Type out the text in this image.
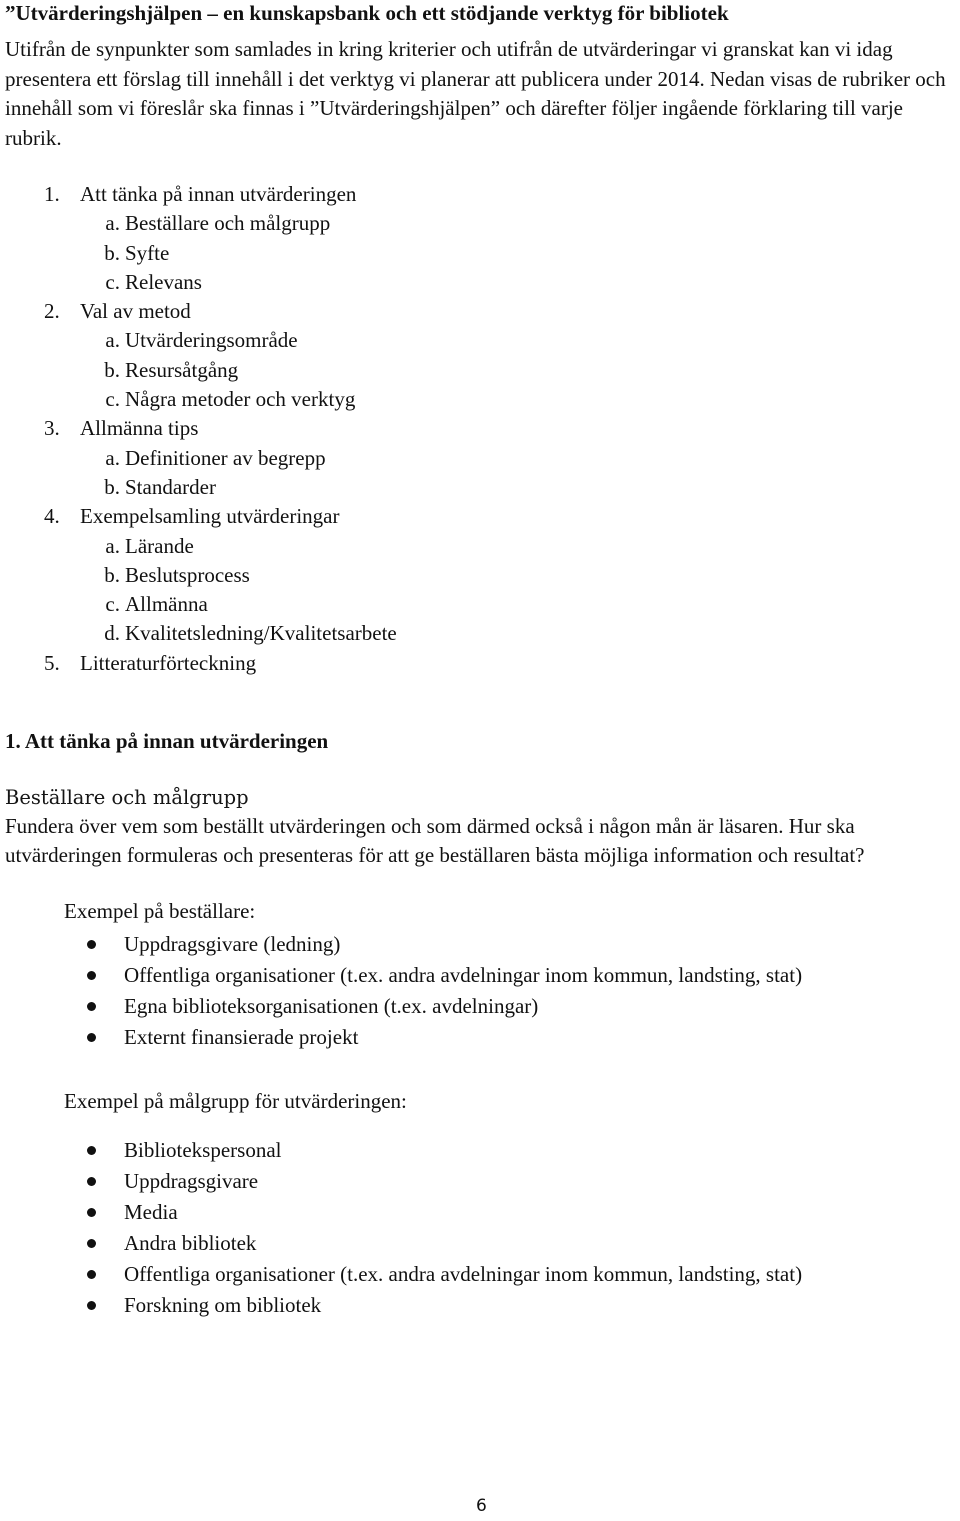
”Utvärderingshjälpen – en kunskapsbank och ett stödjande verktyg för bibliotek
Utifrån de synpunkter som samlades in kring kriterier och utifrån de utvärderingar vi granskat kan vi idag presentera ett förslag till innehåll i det verktyg vi planerar att publicera under 2014. Nedan visas de rubriker och innehåll som vi föreslår ska finnas i ”Utvärderingshjälpen” och därefter följer ingående förklaring till varje rubrik.
1. Att tänka på innan utvärderingen
a. Beställare och målgrupp
b. Syfte
c. Relevans
2. Val av metod
a. Utvärderingsområde
b. Resursåtgång
c. Några metoder och verktyg
3. Allmänna tips
a. Definitioner av begrepp
b. Standarder
4. Exempelsamling utvärderingar
a. Lärande
b. Beslutsprocess
c. Allmänna
d. Kvalitetsledning/Kvalitetsarbete
5. Litteraturförteckning
1. Att tänka på innan utvärderingen
Beställare och målgrupp
Fundera över vem som beställt utvärderingen och som därmed också i någon mån är läsaren. Hur ska utvärderingen formuleras och presenteras för att ge beställaren bästa möjliga information och resultat?
Exempel på beställare:
Uppdragsgivare (ledning)
Offentliga organisationer (t.ex. andra avdelningar inom kommun, landsting, stat)
Egna biblioteksorganisationen (t.ex. avdelningar)
Externt finansierade projekt
Exempel på målgrupp för utvärderingen:
Bibliotekspersonal
Uppdragsgivare
Media
Andra bibliotek
Offentliga organisationer (t.ex. andra avdelningar inom kommun, landsting, stat)
Forskning om bibliotek
6
